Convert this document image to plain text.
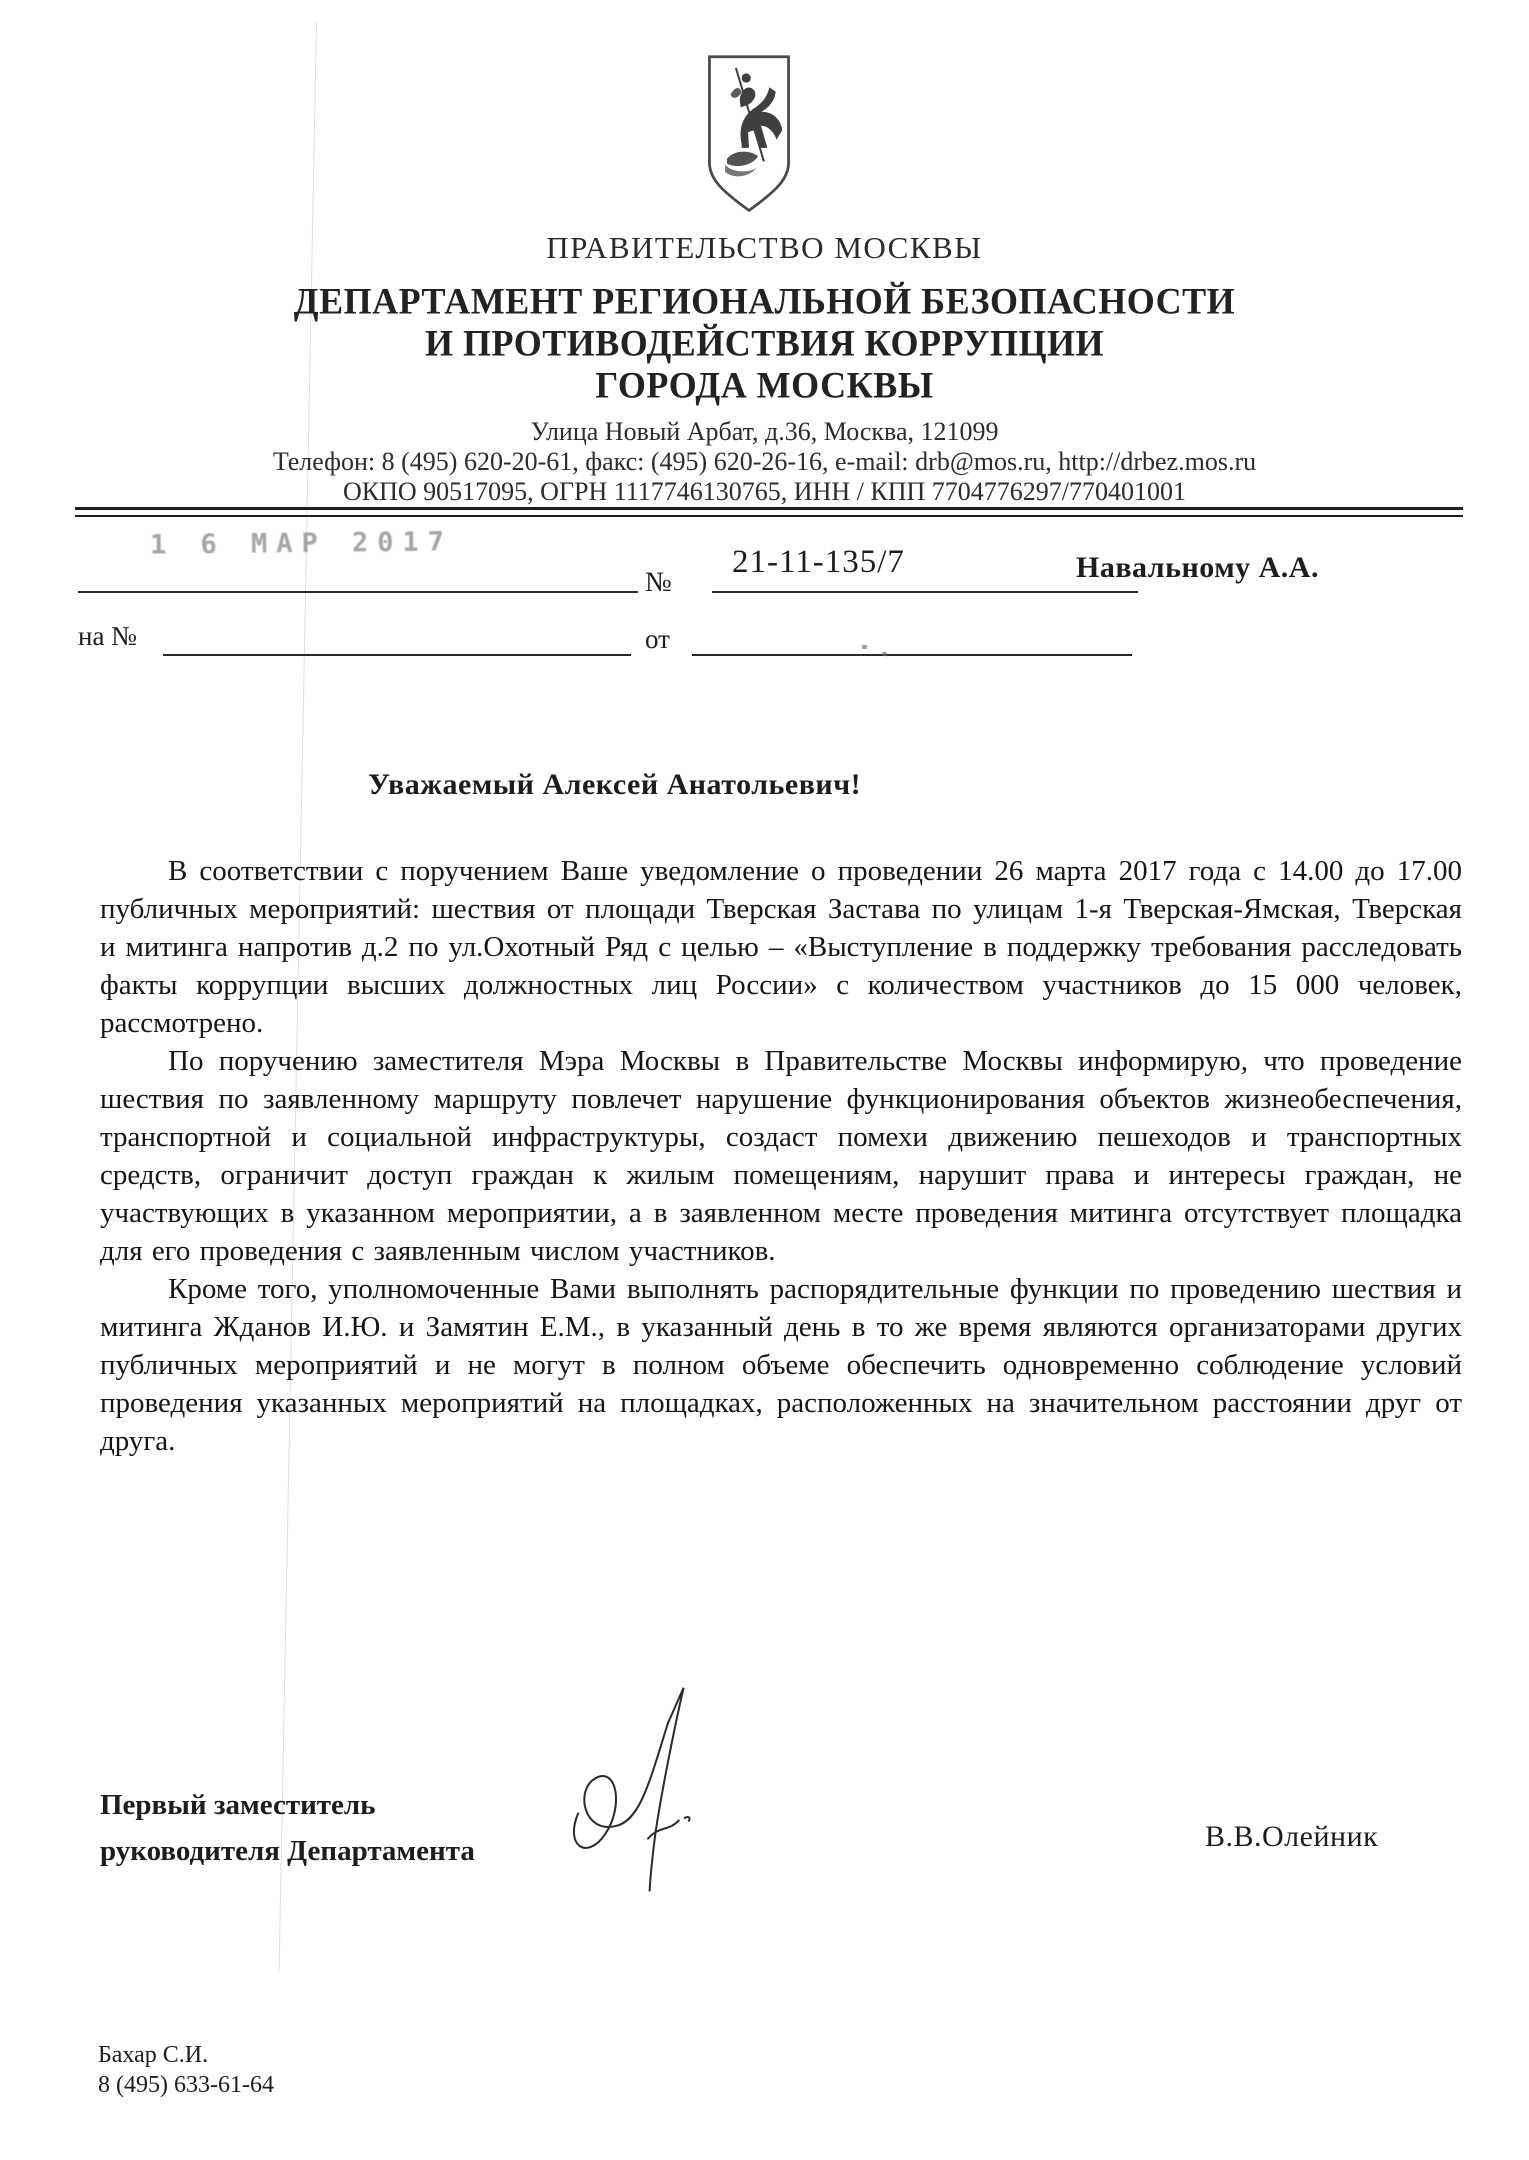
ПРАВИТЕЛЬСТВО МОСКВЫ
ДЕПАРТАМЕНТ РЕГИОНАЛЬНОЙ БЕЗОПАСНОСТИ
И ПРОТИВОДЕЙСТВИЯ КОРРУПЦИИ
ГОРОДА МОСКВЫ
Улица Новый Арбат, д.36, Москва, 121099
Телефон: 8 (495) 620-20-61, факс: (495) 620-26-16, e-mail: drb@mos.ru, http://drbez.mos.ru
ОКПО 90517095, ОГРН 1117746130765, ИНН / КПП 7704776297/770401001
1 6 МАР 2017
№
21-11-135/7
на №	от
Навальному А.А.
Уважаемый Алексей Анатольевич!

В соответствии с поручением Ваше уведомление о проведении 26 марта 2017 года с 14.00 до 17.00 публичных мероприятий: шествия от площади Тверская Застава по улицам 1-я Тверская-Ямская, Тверская и митинга напротив д.2 по ул.Охотный Ряд с целью – «Выступление в поддержку требования расследовать факты коррупции высших должностных лиц России» с количеством участников до 15 000 человек, рассмотрено.

По поручению заместителя Мэра Москвы в Правительстве Москвы информирую, что проведение шествия по заявленному маршруту повлечет нарушение функционирования объектов жизнеобеспечения, транспортной и социальной инфраструктуры, создаст помехи движению пешеходов и транспортных средств, ограничит доступ граждан к жилым помещениям, нарушит права и интересы граждан, не участвующих в указанном мероприятии, а в заявленном месте проведения митинга отсутствует площадка для его проведения с заявленным числом участников.

Кроме того, уполномоченные Вами выполнять распорядительные функции по проведению шествия и митинга Жданов И.Ю. и Замятин Е.М., в указанный день в то же время являются организаторами других публичных мероприятий и не могут в полном объеме обеспечить одновременно соблюдение условий проведения указанных мероприятий на площадках, расположенных на значительном расстоянии друг от друга.

Первый заместитель
руководителя Департамента	В.В.Олейник
Бахар С.И.
8 (495) 633-61-64
